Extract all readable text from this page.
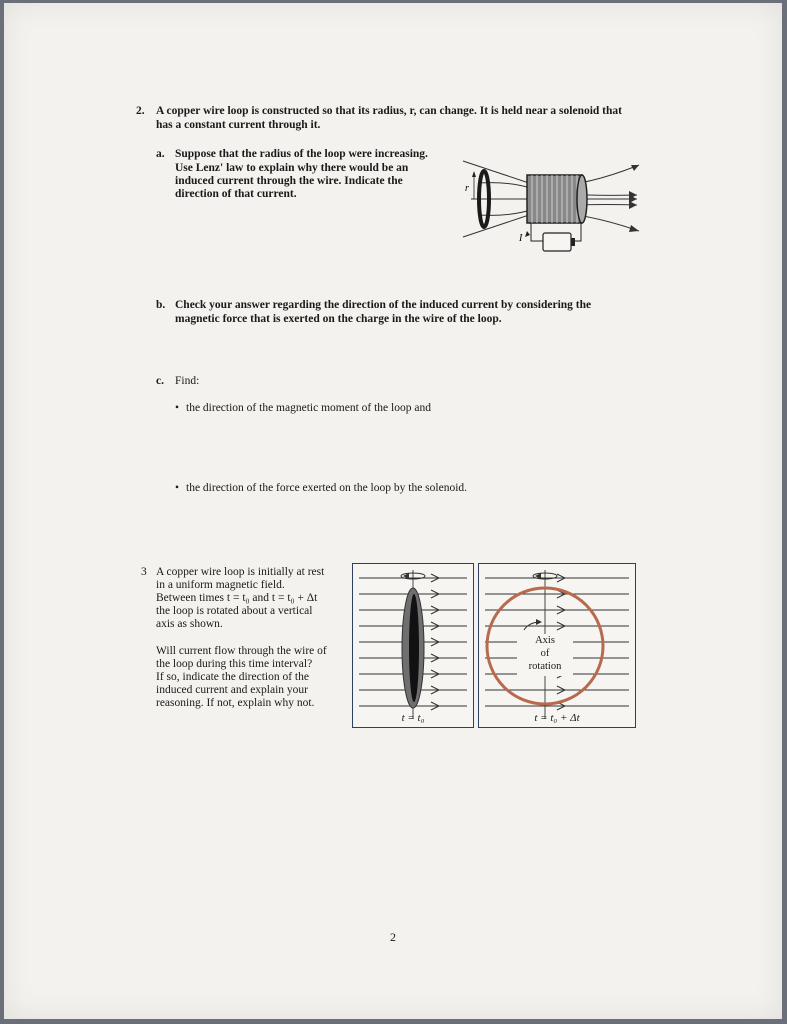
2. A copper wire loop is constructed so that its radius, r, can change. It is held near a solenoid that

has a constant current through it.

a. Suppose that the radius of the loop were increasing.

Use Lenz' law to explain why there would be an

induced current through the wire. Indicate the

direction of that current.	r
I

b. Check your answer regarding the direction of the induced current by considering the

magnetic force that is exerted on the charge in the wire of the loop.

c. Find:

• the direction of the magnetic moment of the loop and

• the direction of the force exerted on the loop by the solenoid.

3 A copper wire loop is initially at rest

in a uniform magnetic field.

Between times t = t₀ and t = t₀ + Δt

the loop is rotated about a vertical

axis as shown.

Will current flow through the wire of

the loop during this time interval?

If so, indicate the direction of the

induced current and explain your

reasoning. If not, explain why not.

t = t₀
Axis
of
rotation
t = t₀ + Δt

2
